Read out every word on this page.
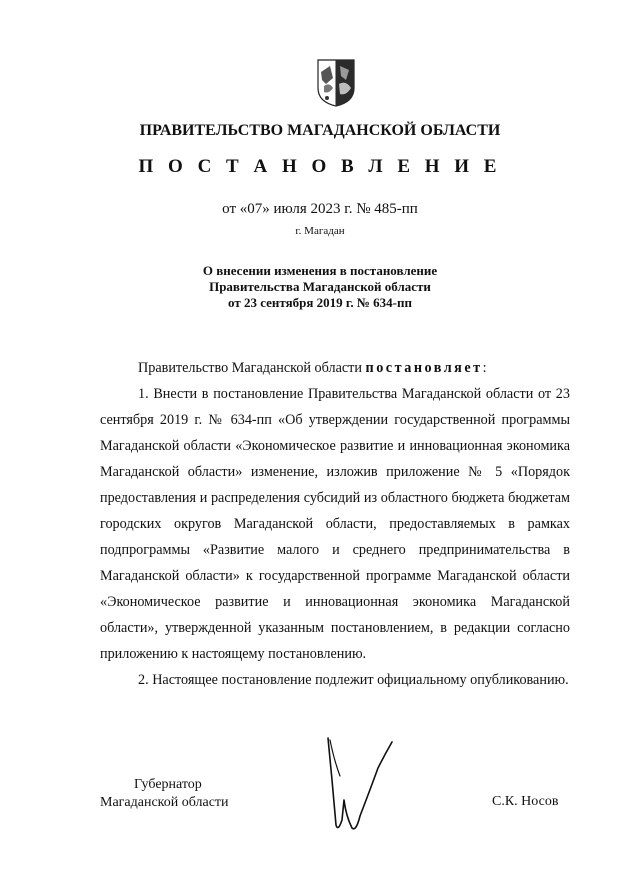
ПРАВИТЕЛЬСТВО МАГАДАНСКОЙ ОБЛАСТИ
П О С Т А Н О В Л Е Н И Е
от «07» июля 2023 г. № 485-пп
г. Магадан
О внесении изменения в постановление
Правительства Магаданской области
от 23 сентября 2019 г. № 634-пп

Правительство Магаданской области постановляет:

1. Внести в постановление Правительства Магаданской области от 23 сентября 2019 г. № 634-пп «Об утверждении государственной программы Магаданской области «Экономическое развитие и инновационная экономика Магаданской области» изменение, изложив приложение № 5 «Порядок предоставления и распределения субсидий из областного бюджета бюджетам городских округов Магаданской области, предоставляемых в рамках подпрограммы «Развитие малого и среднего предпринимательства в Магаданской области» к государственной программе Магаданской области «Экономическое развитие и инновационная экономика Магаданской области», утвержденной указанным постановлением, в редакции согласно приложению к настоящему постановлению.

2. Настоящее постановление подлежит официальному опубликованию.

Губернатор
Магаданской области	С.К. Носов
